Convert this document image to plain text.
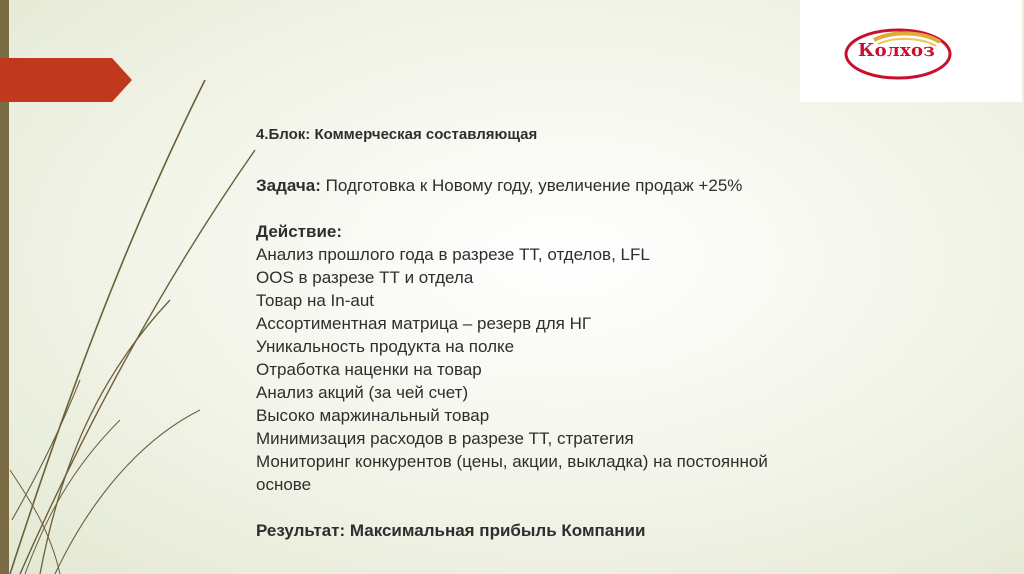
Колхоз

4.Блок: Коммерческая составляющая

Задача: Подготовка к Новому году, увеличение продаж +25%

Действие:

Анализ прошлого года в разрезе ТТ, отделов, LFL

OOS в разрезе ТТ и отдела

Товар на In-aut

Ассортиментная матрица – резерв для НГ

Уникальность продукта на полке

Отработка наценки на товар

Анализ акций (за чей счет)

Высоко маржинальный товар

Минимизация расходов в разрезе ТТ, стратегия

Мониторинг конкурентов (цены, акции, выкладка) на постоянной

основе

Результат: Максимальная прибыль Компании
